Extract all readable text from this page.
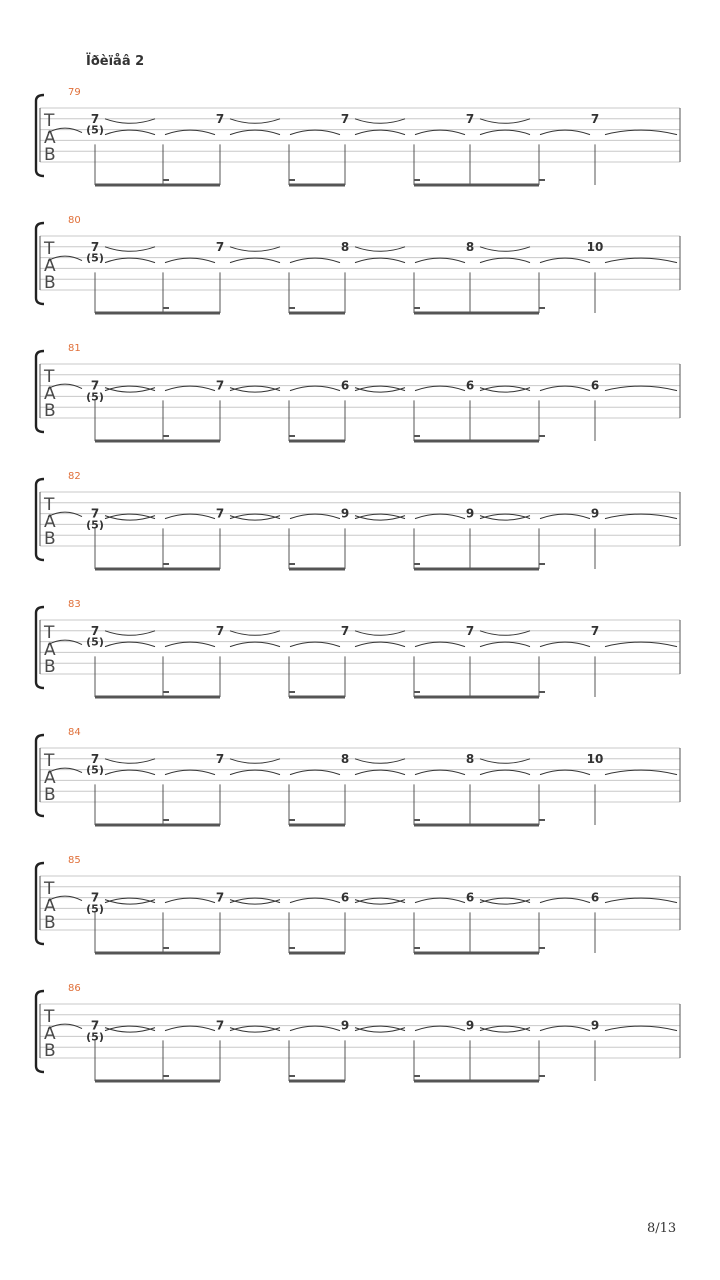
Ïðèïåâ 2
79
T
A
B
7	7	7	7	7
(5)
80
T
A
B
7	7	8	8	10
(5)
81
T
A
B
7	7	6	6	6
(5)
82
T
A
B
7	7	9	9	9
(5)
83
T
A
B
7	7	7	7	7
(5)
84
T
A
B
7	7	8	8	10
(5)
85
T
A
B
7	7	6	6	6
(5)
86
T
A
B
7	7	9	9	9
(5)
8/13
